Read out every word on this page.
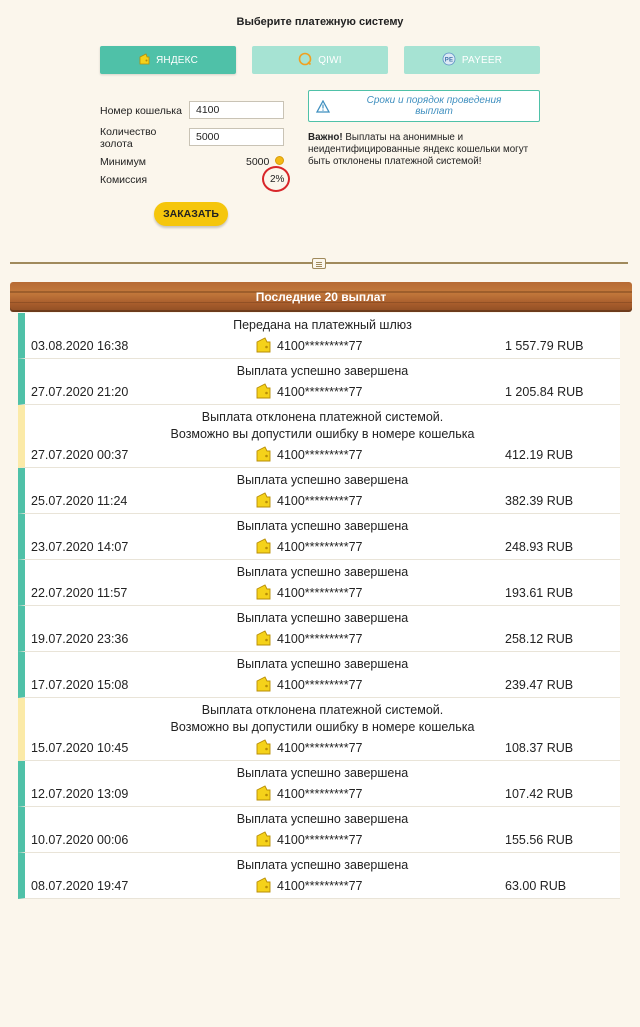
Выберите платежную систему
ЯНДЕКС	QIWI	PE PAYEER
Номер кошелька
4100
Количество
золота
5000
Минимум	5000
Комиссия	2%
ЗАКАЗАТЬ
Сроки и порядок проведения
выплат
Важно! Выплаты на анонимные и неидентифицированные яндекс кошельки могут быть отклонены платежной системой!
Последние 20 выплат
Передана на платежный шлюз
03.08.2020 16:38	4100*********77	1 557.79 RUB
Выплата успешно завершена
27.07.2020 21:20	4100*********77	1 205.84 RUB
Выплата отклонена платежной системой.
Возможно вы допустили ошибку в номере кошелька
27.07.2020 00:37	4100*********77	412.19 RUB
Выплата успешно завершена
25.07.2020 11:24	4100*********77	382.39 RUB
Выплата успешно завершена
23.07.2020 14:07	4100*********77	248.93 RUB
Выплата успешно завершена
22.07.2020 11:57	4100*********77	193.61 RUB
Выплата успешно завершена
19.07.2020 23:36	4100*********77	258.12 RUB
Выплата успешно завершена
17.07.2020 15:08	4100*********77	239.47 RUB
Выплата отклонена платежной системой.
Возможно вы допустили ошибку в номере кошелька
15.07.2020 10:45	4100*********77	108.37 RUB
Выплата успешно завершена
12.07.2020 13:09	4100*********77	107.42 RUB
Выплата успешно завершена
10.07.2020 00:06	4100*********77	155.56 RUB
Выплата успешно завершена
08.07.2020 19:47	4100*********77	63.00 RUB
